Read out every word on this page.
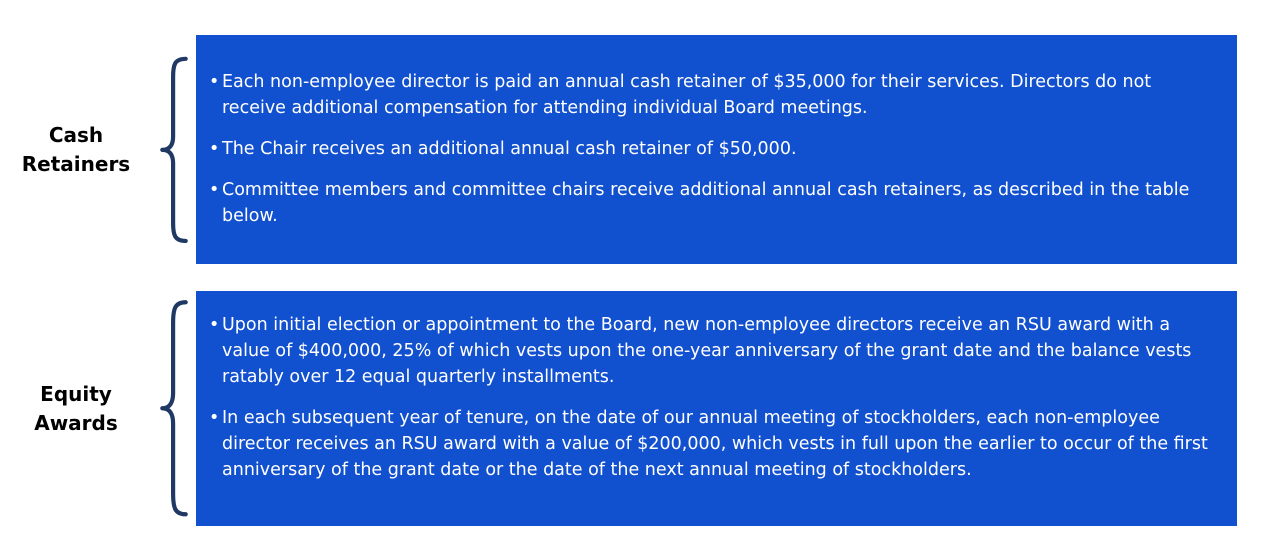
Cash Retainers
• Each non-employee director is paid an annual cash retainer of $35,000 for their services. Directors do not receive additional compensation for attending individual Board meetings.
• The Chair receives an additional annual cash retainer of $50,000.
• Committee members and committee chairs receive additional annual cash retainers, as described in the table below.
Equity Awards
• Upon initial election or appointment to the Board, new non-employee directors receive an RSU award with a value of $400,000, 25% of which vests upon the one-year anniversary of the grant date and the balance vests ratably over 12 equal quarterly installments.
• In each subsequent year of tenure, on the date of our annual meeting of stockholders, each non-employee director receives an RSU award with a value of $200,000, which vests in full upon the earlier to occur of the first anniversary of the grant date or the date of the next annual meeting of stockholders.
